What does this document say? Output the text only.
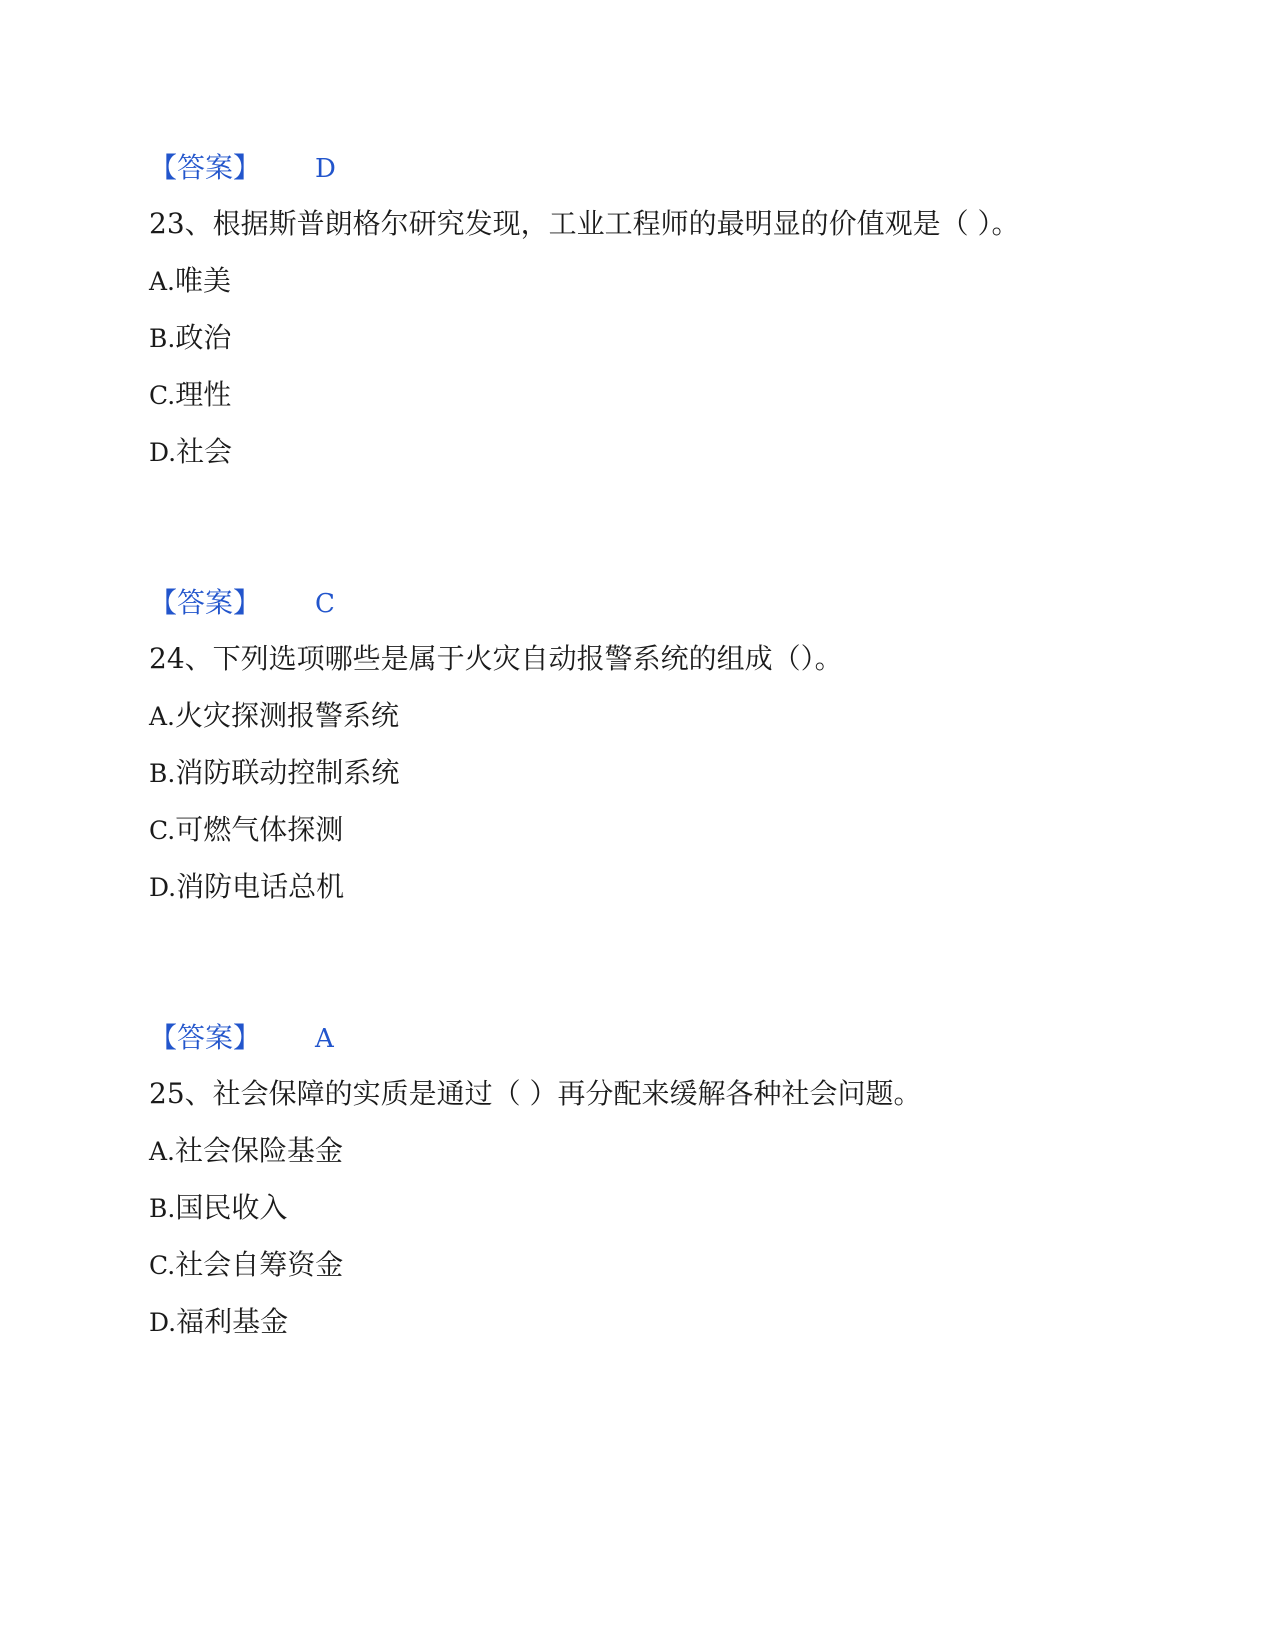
【答案】 D
23、根据斯普朗格尔研究发现，工业工程师的最明显的价值观是（ ）。
A.唯美
B.政治
C.理性
D.社会
【答案】 C
24、下列选项哪些是属于火灾自动报警系统的组成（）。
A.火灾探测报警系统
B.消防联动控制系统
C.可燃气体探测
D.消防电话总机
【答案】 A
25、社会保障的实质是通过（ ）再分配来缓解各种社会问题。
A.社会保险基金
B.国民收入
C.社会自筹资金
D.福利基金
